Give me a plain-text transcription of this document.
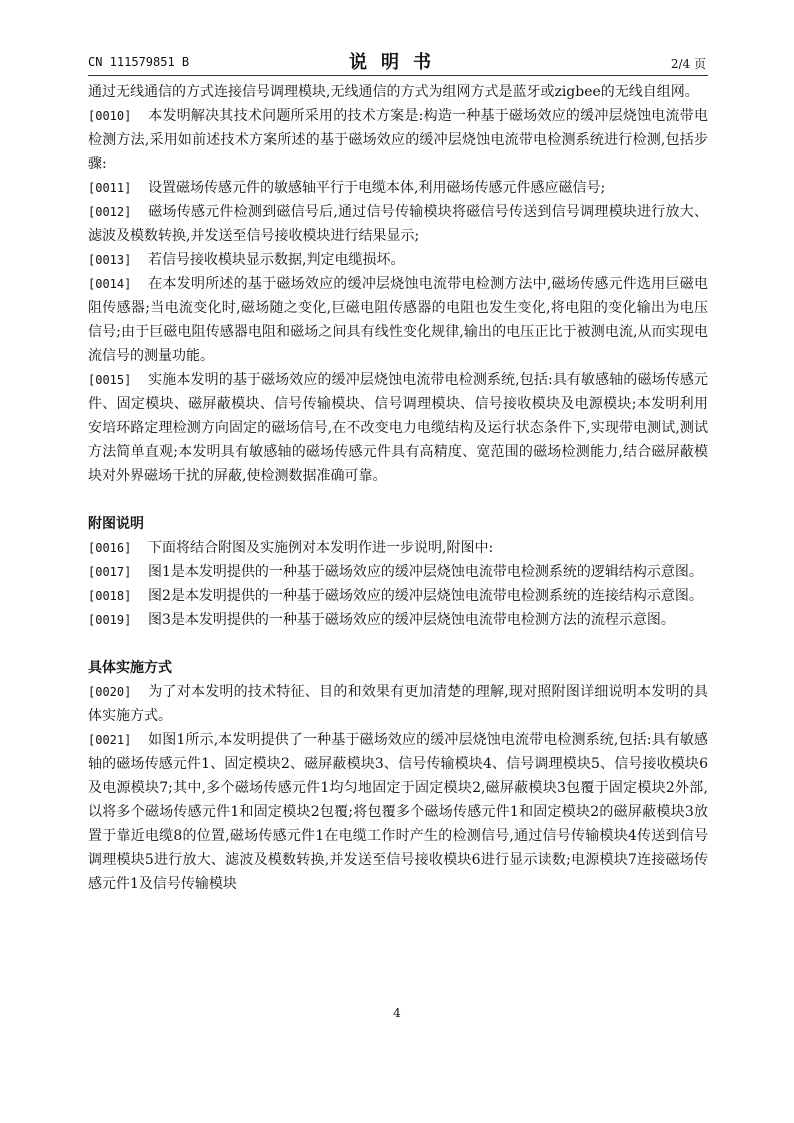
CN 111579851 B	说明书	2/4 页

通过无线通信的方式连接信号调理模块,无线通信的方式为组网方式是蓝牙或zigbee的无线自组网。

[0010] 本发明解决其技术问题所采用的技术方案是:构造一种基于磁场效应的缓冲层烧蚀电流带电检测方法,采用如前述技术方案所述的基于磁场效应的缓冲层烧蚀电流带电检测系统进行检测,包括步骤:

[0011] 设置磁场传感元件的敏感轴平行于电缆本体,利用磁场传感元件感应磁信号;

[0012] 磁场传感元件检测到磁信号后,通过信号传输模块将磁信号传送到信号调理模块进行放大、滤波及模数转换,并发送至信号接收模块进行结果显示;

[0013] 若信号接收模块显示数据,判定电缆损坏。

[0014] 在本发明所述的基于磁场效应的缓冲层烧蚀电流带电检测方法中,磁场传感元件选用巨磁电阻传感器;当电流变化时,磁场随之变化,巨磁电阻传感器的电阻也发生变化,将电阻的变化输出为电压信号;由于巨磁电阻传感器电阻和磁场之间具有线性变化规律,输出的电压正比于被测电流,从而实现电流信号的测量功能。

[0015] 实施本发明的基于磁场效应的缓冲层烧蚀电流带电检测系统,包括:具有敏感轴的磁场传感元件、固定模块、磁屏蔽模块、信号传输模块、信号调理模块、信号接收模块及电源模块;本发明利用安培环路定理检测方向固定的磁场信号,在不改变电力电缆结构及运行状态条件下,实现带电测试,测试方法简单直观;本发明具有敏感轴的磁场传感元件具有高精度、宽范围的磁场检测能力,结合磁屏蔽模块对外界磁场干扰的屏蔽,使检测数据准确可靠。

附图说明

[0016] 下面将结合附图及实施例对本发明作进一步说明,附图中:

[0017] 图1是本发明提供的一种基于磁场效应的缓冲层烧蚀电流带电检测系统的逻辑结构示意图。

[0018] 图2是本发明提供的一种基于磁场效应的缓冲层烧蚀电流带电检测系统的连接结构示意图。

[0019] 图3是本发明提供的一种基于磁场效应的缓冲层烧蚀电流带电检测方法的流程示意图。

具体实施方式

[0020] 为了对本发明的技术特征、目的和效果有更加清楚的理解,现对照附图详细说明本发明的具体实施方式。

[0021] 如图1所示,本发明提供了一种基于磁场效应的缓冲层烧蚀电流带电检测系统,包括:具有敏感轴的磁场传感元件1、固定模块2、磁屏蔽模块3、信号传输模块4、信号调理模块5、信号接收模块6及电源模块7;其中,多个磁场传感元件1均匀地固定于固定模块2,磁屏蔽模块3包覆于固定模块2外部,以将多个磁场传感元件1和固定模块2包覆;将包覆多个磁场传感元件1和固定模块2的磁屏蔽模块3放置于靠近电缆8的位置,磁场传感元件1在电缆工作时产生的检测信号,通过信号传输模块4传送到信号调理模块5进行放大、滤波及模数转换,并发送至信号接收模块6进行显示读数;电源模块7连接磁场传感元件1及信号传输模块

4
